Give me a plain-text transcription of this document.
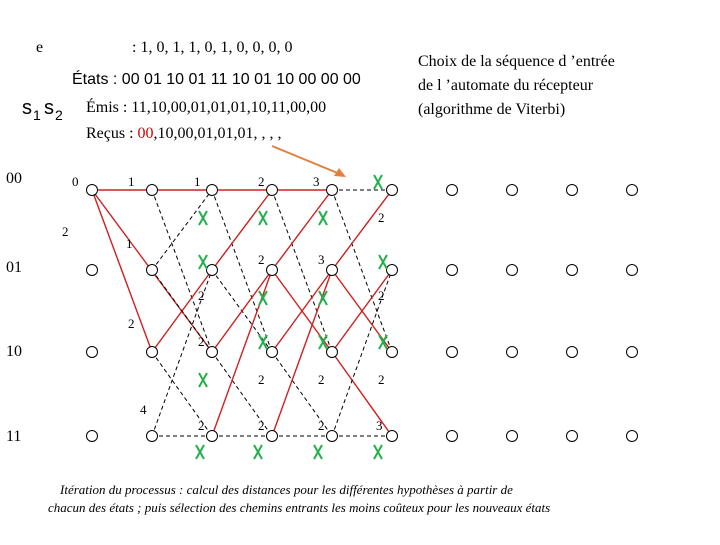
e	: 1, 0, 1, 1, 0, 1, 0, 0, 0, 0
États : 00 01 10 01 11 10 01 10 00 00 00
s 1 s 2 Émis : 11,10,00,01,01,01,10,11,00,00
Reçus : 00,10,00,01,01,01, , , ,
Choix de la séquence d ’entrée
de l ’automate du récepteur
(algorithme de Viterbi)
00
01
10
11
0	1	1	2	3
2
1
2
2	3
2	2
2
2
2	2	2
4
2	2	2	3
Itération du processus : calcul des distances pour les différentes hypothèses à partir de
chacun des états ; puis sélection des chemins entrants les moins coûteux pour les nouveaux états
